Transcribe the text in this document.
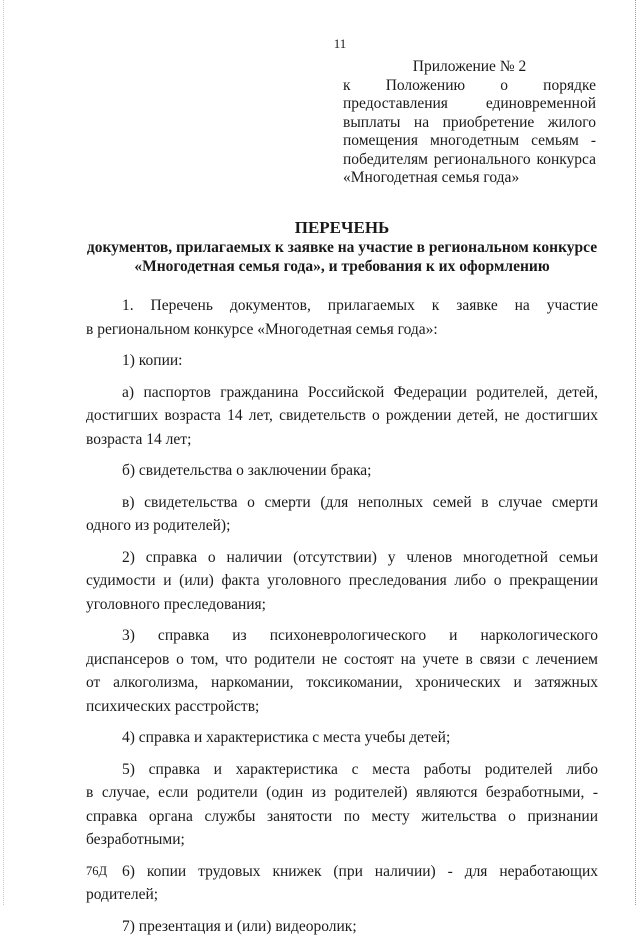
11
Приложение № 2
к Положению о порядке
предоставления единовременной
выплаты на приобретение жилого
помещения многодетным семьям -
победителям регионального конкурса
«Многодетная семья года»
ПЕРЕЧЕНЬ
документов, прилагаемых к заявке на участие в региональном конкурсе
«Многодетная семья года», и требования к их оформлению
1. Перечень документов, прилагаемых к заявке на участие
в региональном конкурсе «Многодетная семья года»:
1) копии:
а) паспортов гражданина Российской Федерации родителей, детей,
достигших возраста 14 лет, свидетельств о рождении детей, не достигших
возраста 14 лет;
б) свидетельства о заключении брака;
в) свидетельства о смерти (для неполных семей в случае смерти
одного из родителей);
2) справка о наличии (отсутствии) у членов многодетной семьи
судимости и (или) факта уголовного преследования либо о прекращении
уголовного преследования;
3) справка из психоневрологического и наркологического
диспансеров о том, что родители не состоят на учете в связи с лечением
от алкоголизма, наркомании, токсикомании, хронических и затяжных
психических расстройств;
4) справка и характеристика с места учебы детей;
5) справка и характеристика с места работы родителей либо
в случае, если родители (один из родителей) являются безработными, -
справка органа службы занятости по месту жительства о признании
безработными;
6) копии трудовых книжек (при наличии) - для неработающих
родителей;
7) презентация и (или) видеоролик;
76Д
